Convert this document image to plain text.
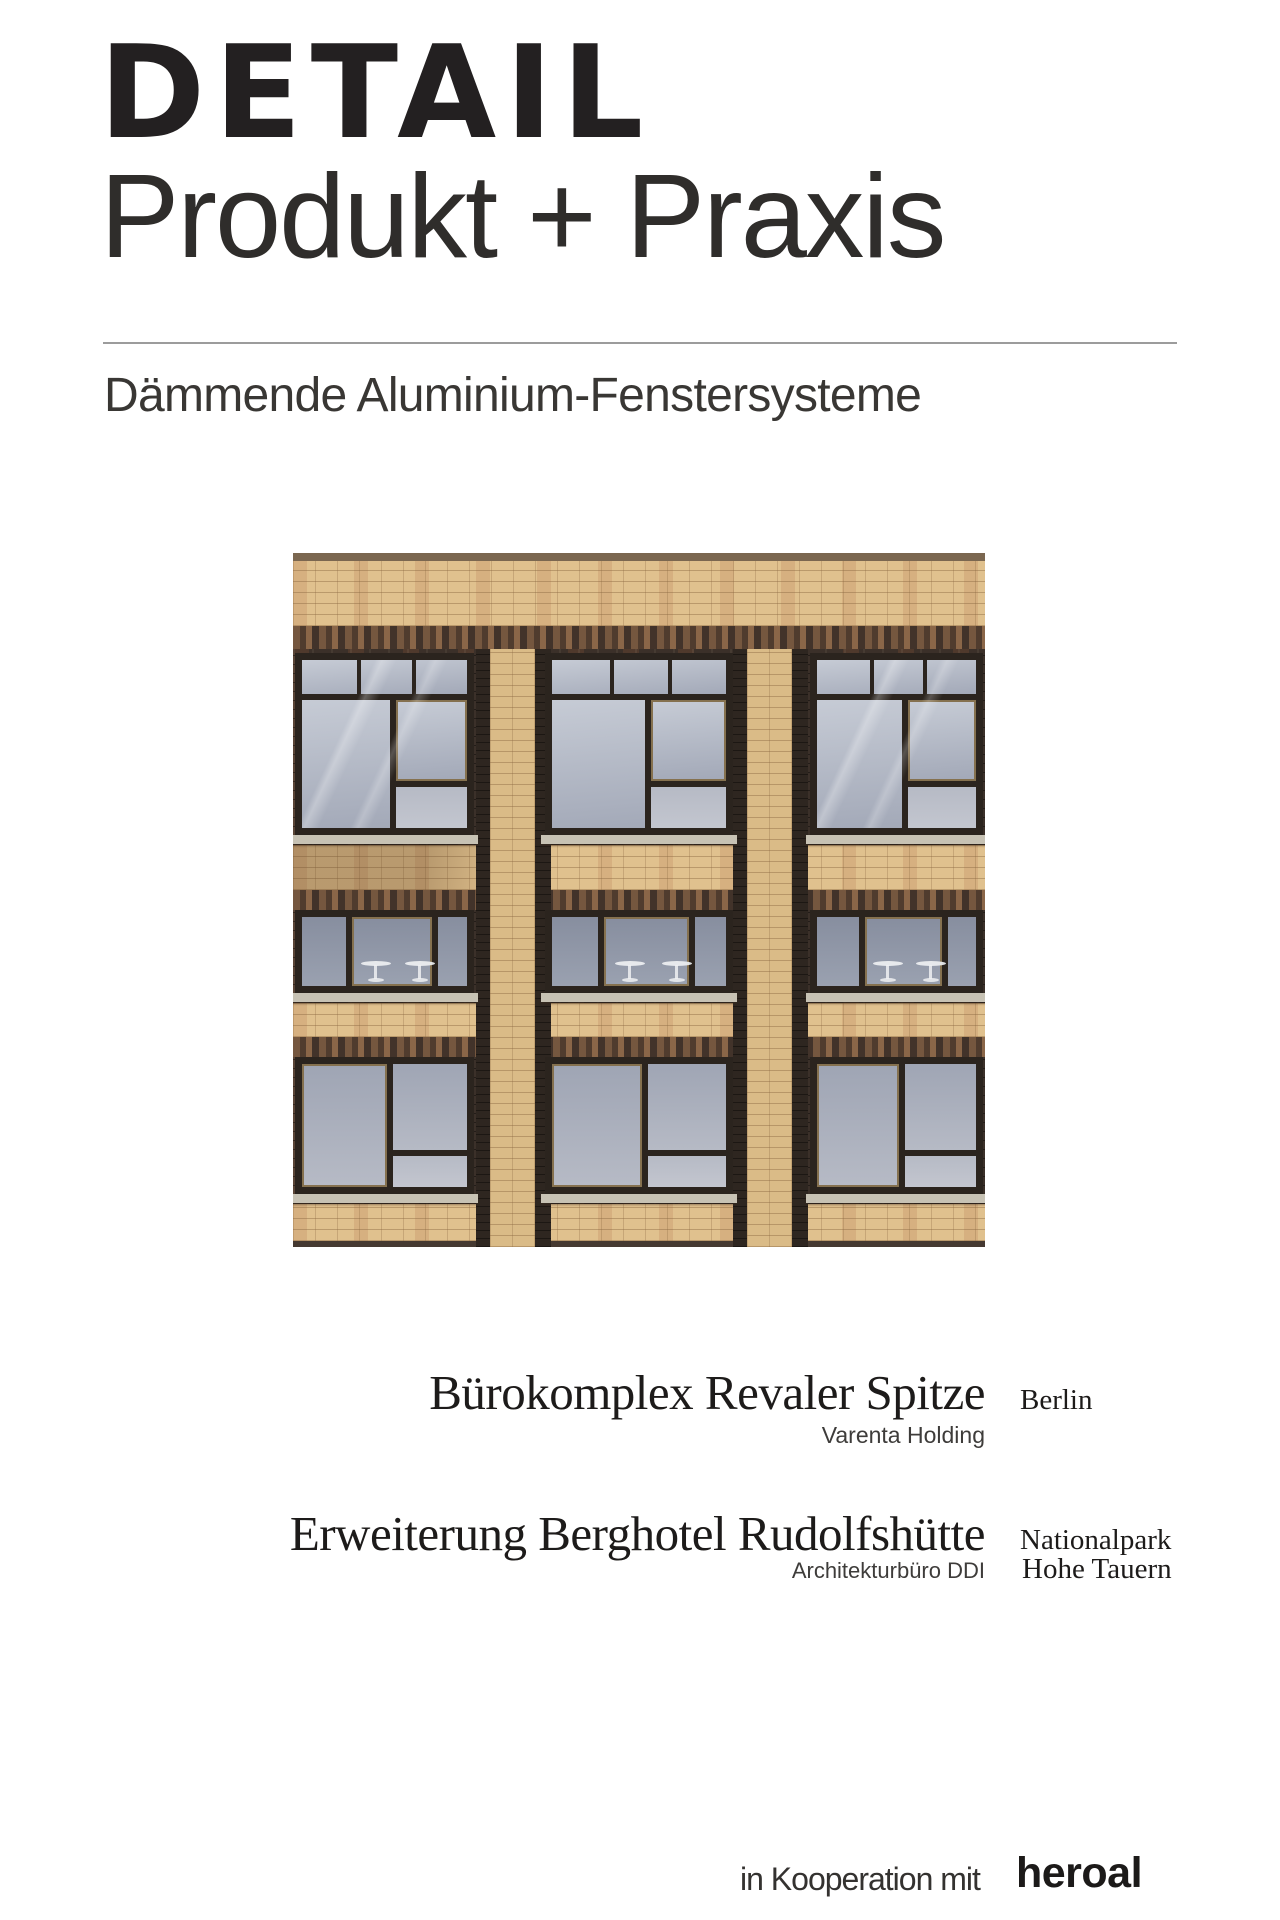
DETAIL
Produkt + Praxis
Dämmende Aluminium-Fenstersysteme
Bürokomplex Revaler Spitze Berlin
Varenta Holding
Erweiterung Berghotel Rudolfshütte Nationalpark
Architekturbüro DDI Hohe Tauern
in Kooperation mit heroal
